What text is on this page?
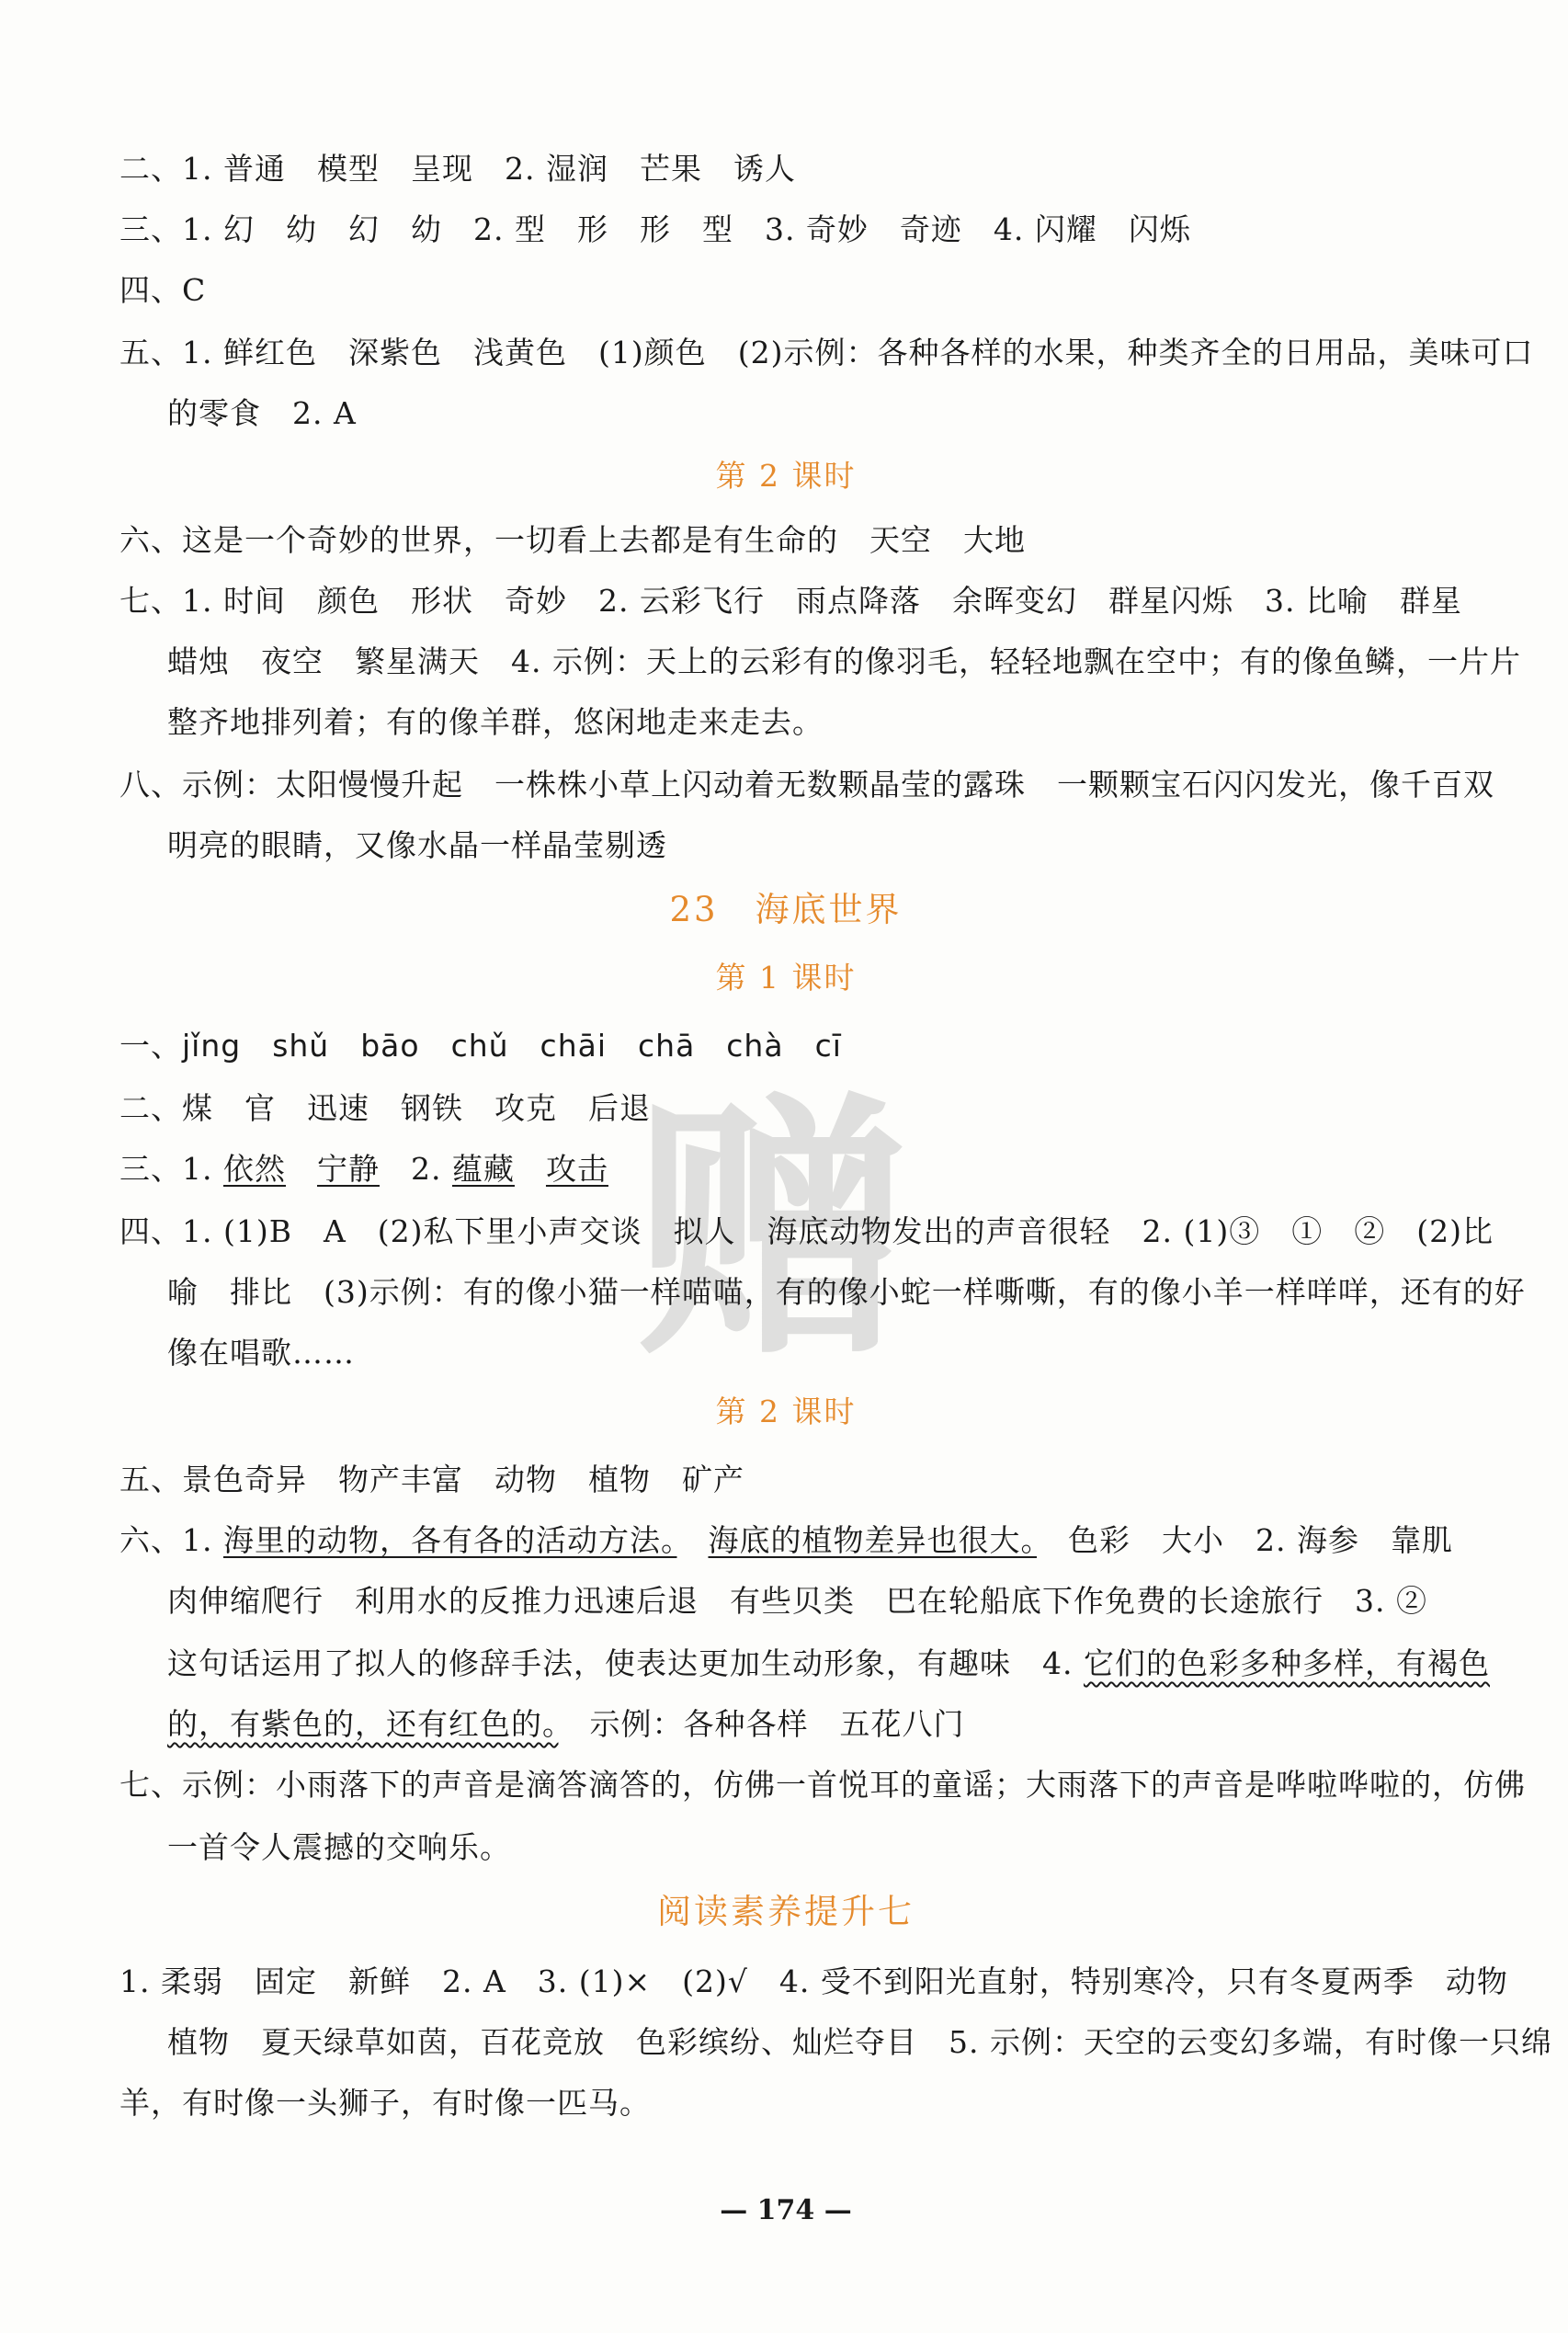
赠
二、1. 普通　模型　呈现　2. 湿润　芒果　诱人
三、1. 幻　幼　幻　幼　2. 型　形　形　型　3. 奇妙　奇迹　4. 闪耀　闪烁
四、C
五、1. 鲜红色　深紫色　浅黄色　(1)颜色　(2)示例：各种各样的水果，种类齐全的日用品，美味可口
的零食　2. A
第 2 课时
六、这是一个奇妙的世界，一切看上去都是有生命的　天空　大地
七、1. 时间　颜色　形状　奇妙　2. 云彩飞行　雨点降落　余晖变幻　群星闪烁　3. 比喻　群星
蜡烛　夜空　繁星满天　4. 示例：天上的云彩有的像羽毛，轻轻地飘在空中；有的像鱼鳞，一片片
整齐地排列着；有的像羊群，悠闲地走来走去。
八、示例：太阳慢慢升起　一株株小草上闪动着无数颗晶莹的露珠　一颗颗宝石闪闪发光，像千百双
明亮的眼睛，又像水晶一样晶莹剔透
23　海底世界
第 1 课时
一、jǐng　shǔ　bāo　chǔ　chāi　chā　chà　cī
二、煤　官　迅速　钢铁　攻克　后退
三、1. 依然　 宁静　 2. 蕴藏　 攻击
四、1. (1)B　A　(2)私下里小声交谈　拟人　海底动物发出的声音很轻　2. (1)③　①　②　(2)比
喻　排比　(3)示例：有的像小猫一样喵喵，有的像小蛇一样嘶嘶，有的像小羊一样咩咩，还有的好
像在唱歌……
第 2 课时
五、景色奇异　物产丰富　动物　植物　矿产
六、1. 海里的动物，各有各的活动方法。　 海底的植物差异也很大。　色彩　大小　2. 海参　靠肌
肉伸缩爬行　利用水的反推力迅速后退　有些贝类　巴在轮船底下作免费的长途旅行　3. ②
这句话运用了拟人的修辞手法，使表达更加生动形象，有趣味　4. 它们的色彩多种多样，有褐色
的，有紫色的，还有红色的。　示例：各种各样　五花八门
七、示例：小雨落下的声音是滴答滴答的，仿佛一首悦耳的童谣；大雨落下的声音是哗啦哗啦的，仿佛
一首令人震撼的交响乐。
阅读素养提升七
1. 柔弱　固定　新鲜　2. A　3. (1)×　(2)√　4. 受不到阳光直射，特别寒冷，只有冬夏两季　动物
植物　夏天绿草如茵，百花竞放　色彩缤纷、灿烂夺目　5. 示例：天空的云变幻多端，有时像一只绵
羊，有时像一头狮子，有时像一匹马。
— 174 —
